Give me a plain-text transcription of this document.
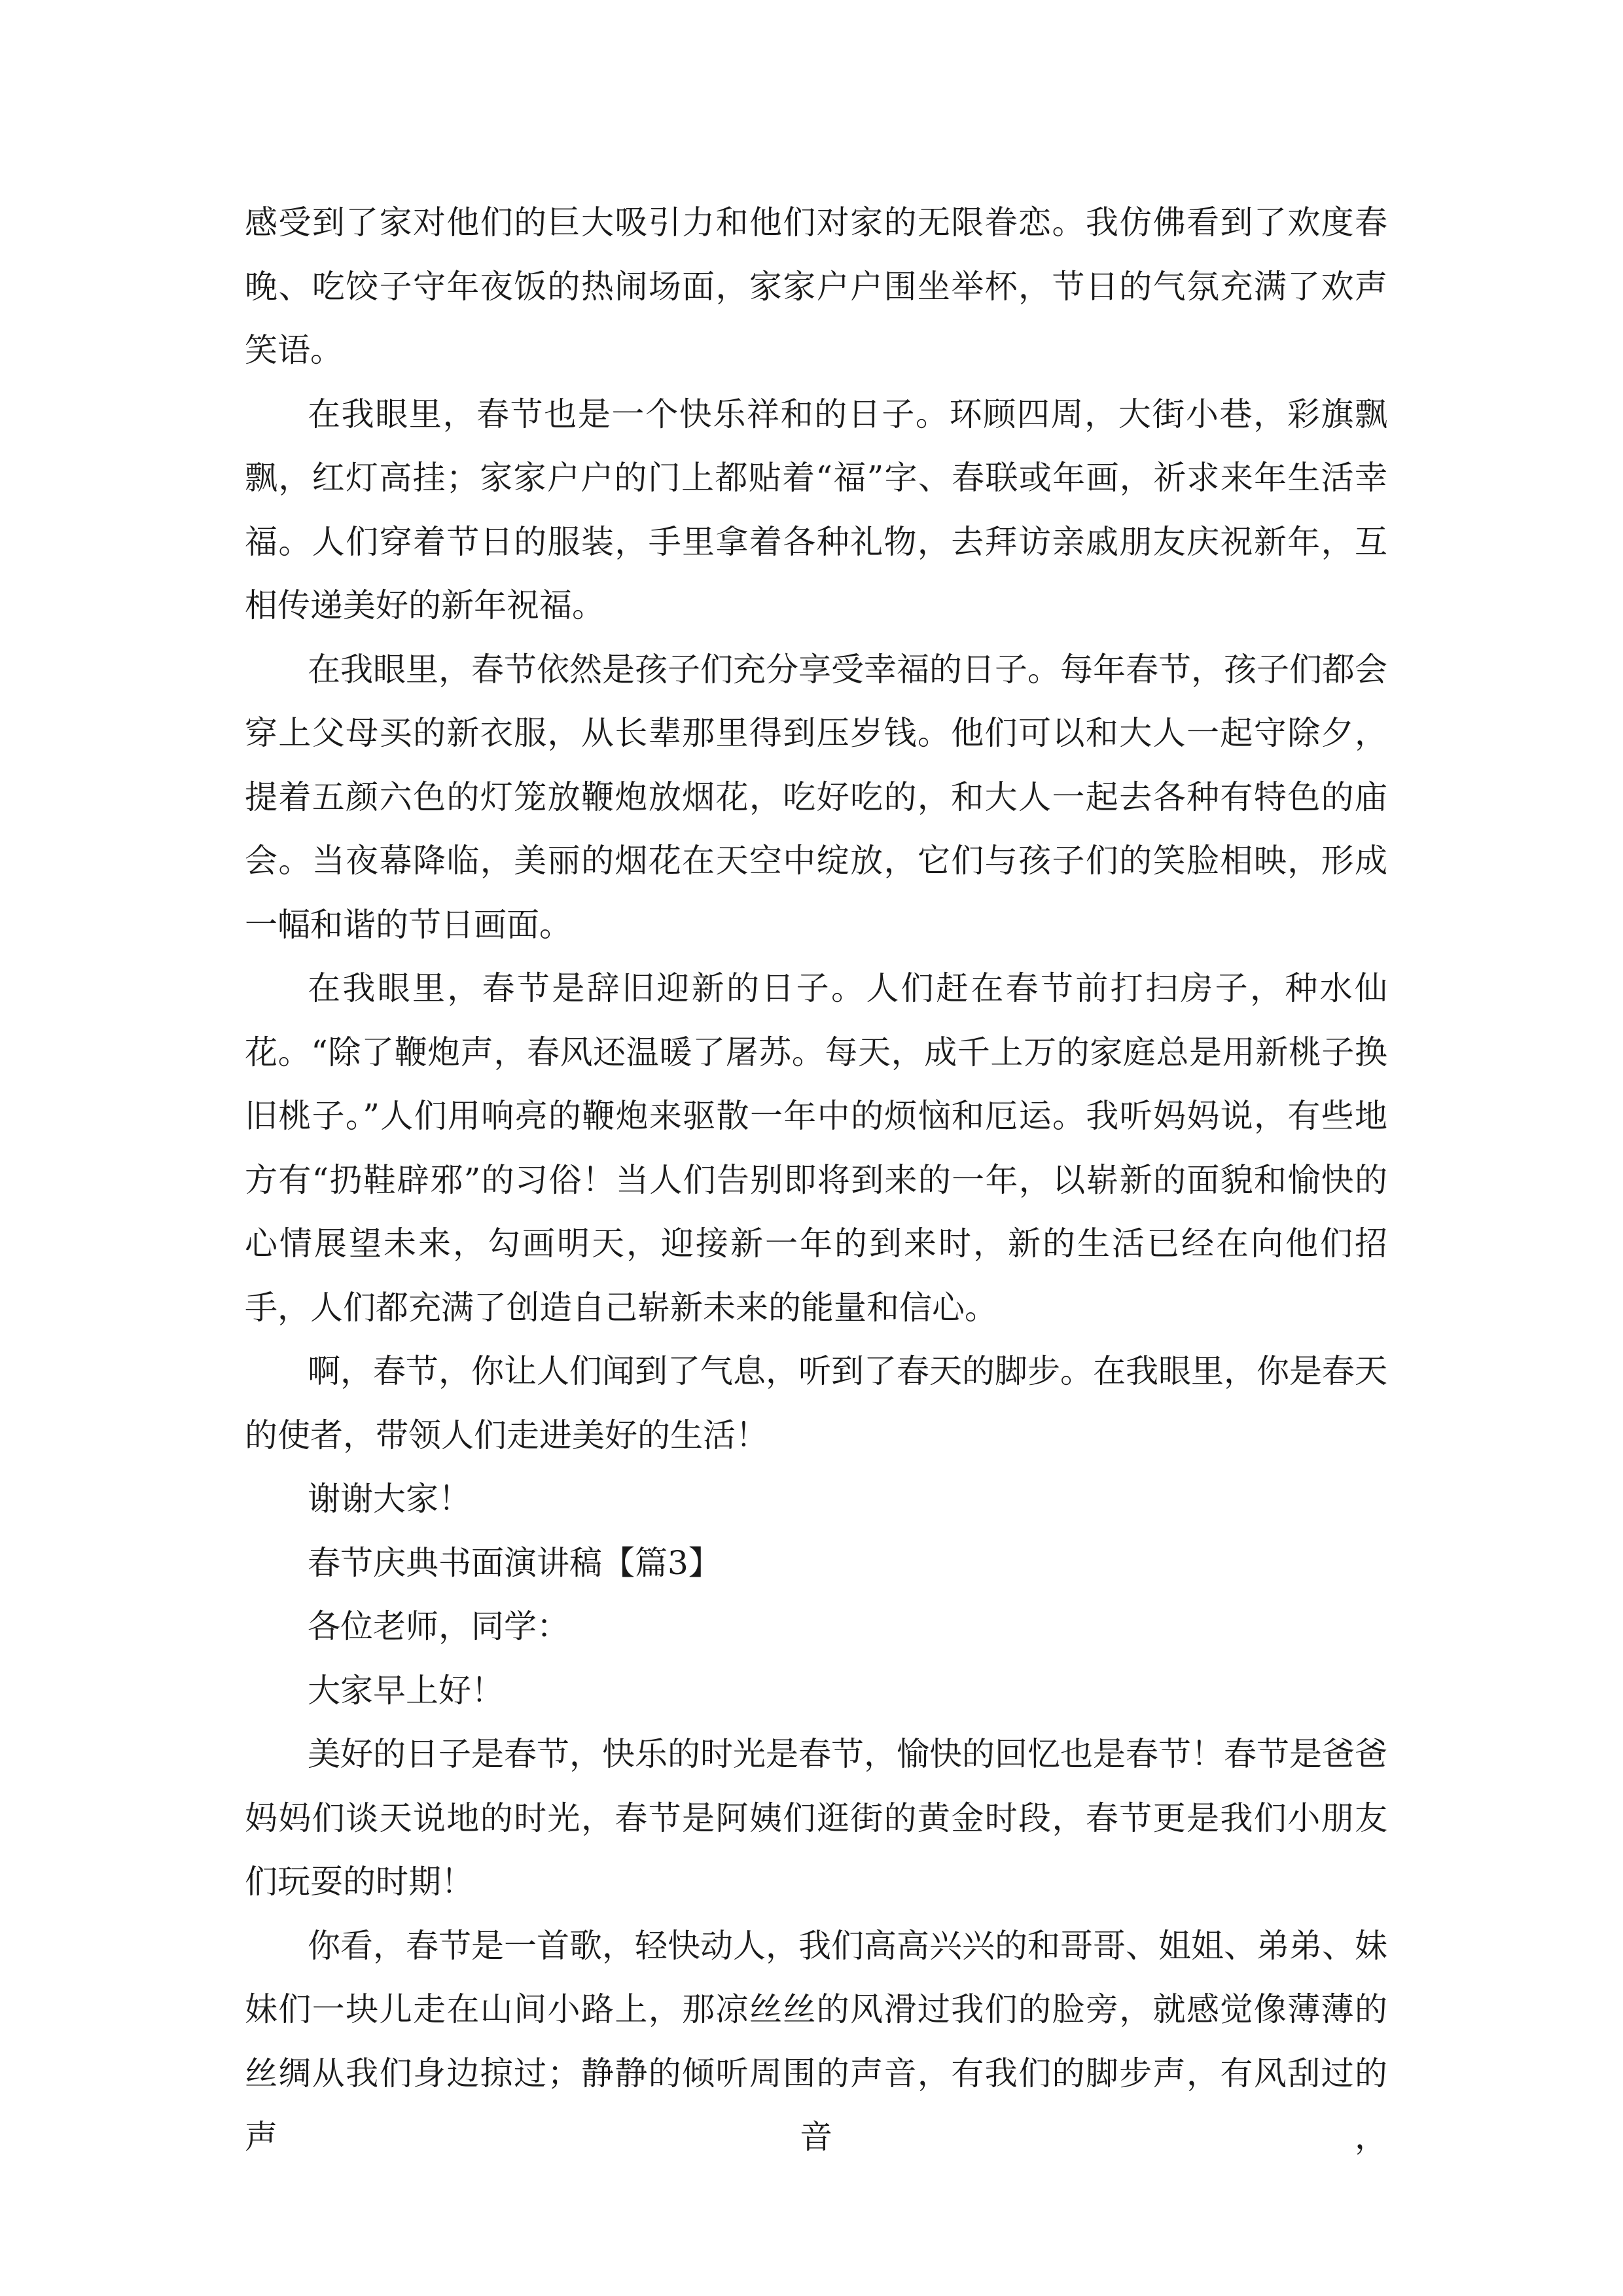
感受到了家对他们的巨大吸引力和他们对家的无限眷恋。我仿佛看到了欢度春晚、吃饺子守年夜饭的热闹场面，家家户户围坐举杯，节日的气氛充满了欢声笑语。

在我眼里，春节也是一个快乐祥和的日子。环顾四周，大街小巷，彩旗飘飘，红灯高挂；家家户户的门上都贴着“福”字、春联或年画，祈求来年生活幸福。人们穿着节日的服装，手里拿着各种礼物，去拜访亲戚朋友庆祝新年，互相传递美好的新年祝福。

在我眼里，春节依然是孩子们充分享受幸福的日子。每年春节，孩子们都会穿上父母买的新衣服，从长辈那里得到压岁钱。他们可以和大人一起守除夕，提着五颜六色的灯笼放鞭炮放烟花，吃好吃的，和大人一起去各种有特色的庙会。当夜幕降临，美丽的烟花在天空中绽放，它们与孩子们的笑脸相映，形成一幅和谐的节日画面。

在我眼里，春节是辞旧迎新的日子。人们赶在春节前打扫房子，种水仙花。“除了鞭炮声，春风还温暖了屠苏。每天，成千上万的家庭总是用新桃子换旧桃子。”人们用响亮的鞭炮来驱散一年中的烦恼和厄运。我听妈妈说，有些地方有“扔鞋辟邪”的习俗！当人们告别即将到来的一年，以崭新的面貌和愉快的心情展望未来，勾画明天，迎接新一年的到来时，新的生活已经在向他们招手，人们都充满了创造自己崭新未来的能量和信心。

啊，春节，你让人们闻到了气息，听到了春天的脚步。在我眼里，你是春天的使者，带领人们走进美好的生活！

谢谢大家！

春节庆典书面演讲稿【篇3】

各位老师，同学：

大家早上好！

美好的日子是春节，快乐的时光是春节，愉快的回忆也是春节！春节是爸爸妈妈们谈天说地的时光，春节是阿姨们逛街的黄金时段，春节更是我们小朋友们玩耍的时期！

你看，春节是一首歌，轻快动人，我们高高兴兴的和哥哥、姐姐、弟弟、妹妹们一块儿走在山间小路上，那凉丝丝的风滑过我们的脸旁，就感觉像薄薄的丝绸从我们身边掠过；静静的倾听周围的声音，有我们的脚步声，有风刮过的声音，
